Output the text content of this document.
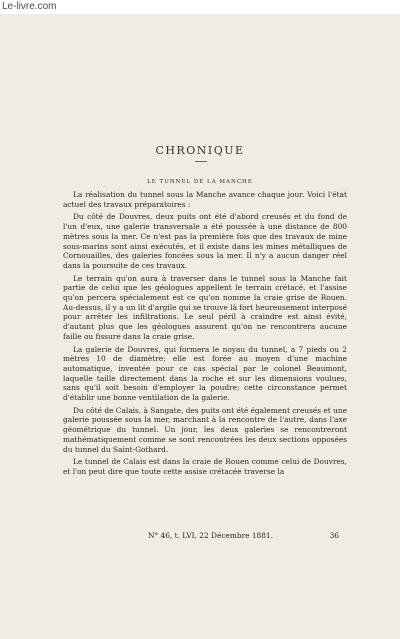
Le-livre.com
CHRONIQUE
LE TUNNEL DE LA MANCHE

La réalisation du tunnel sous la Manche avance chaque jour. Voici l'état actuel des travaux préparatoires :

Du côté de Douvres, deux puits ont été d'abord creusés et du fond de l'un d'eux, une galerie transversale a été poussée à une distance de 800 mètres sous la mer. Ce n'est pas la première fois que des travaux de mine sous-marins sont ainsi exécutés, et il existe dans les mines métalliques de Cornouailles, des galeries foncées sous la mer. Il n'y a aucun danger réel dans la poursuite de ces travaux.

Le terrain qu'on aura à traverser dans le tunnel sous la Manche fait partie de celui que les géologues appellent le terrain crétacé, et l'assise qu'on percera spécialement est ce qu'on nomme la craie grise de Rouen. Au-dessus, il y a un lit d'argile qui se trouve là fort heureusement interposé pour arrêter les infiltrations. Le seul péril à craindre est ainsi évité, d'autant plus que les géologues assurent qu'on ne rencontrera aucune faille ou fissure dans la craie grise.

La galerie de Douvres, qui formera le noyau du tunnel, a 7 pieds ou 2 mètres 10 de diamètre; elle est forée au moyen d'une machine automatique, inventée pour ce cas spécial par le colonel Beaumont, laquelle taille directement dans la roche et sur les dimensions voulues, sans qu'il soit besoin d'employer la poudre; cette circonstance permet d'établir une bonne ventilation de la galerie.

Du côté de Calais, à Sangate, des puits ont été également creusés et une galerie poussée sous la mer, marchant à la rencontre de l'autre, dans l'axe géométrique du tunnel. Un jour, les deux galeries se rencontreront mathématiquement comme se sont rencontrées les deux sections opposées du tunnel du Saint-Gothard.

Le tunnel de Calais est dans la craie de Rouen comme celui de Douvres, et l'on peut dire que toute cette assise crétacée traverse la

N° 46, t. LVI, 22 Décembre 1881.	36
